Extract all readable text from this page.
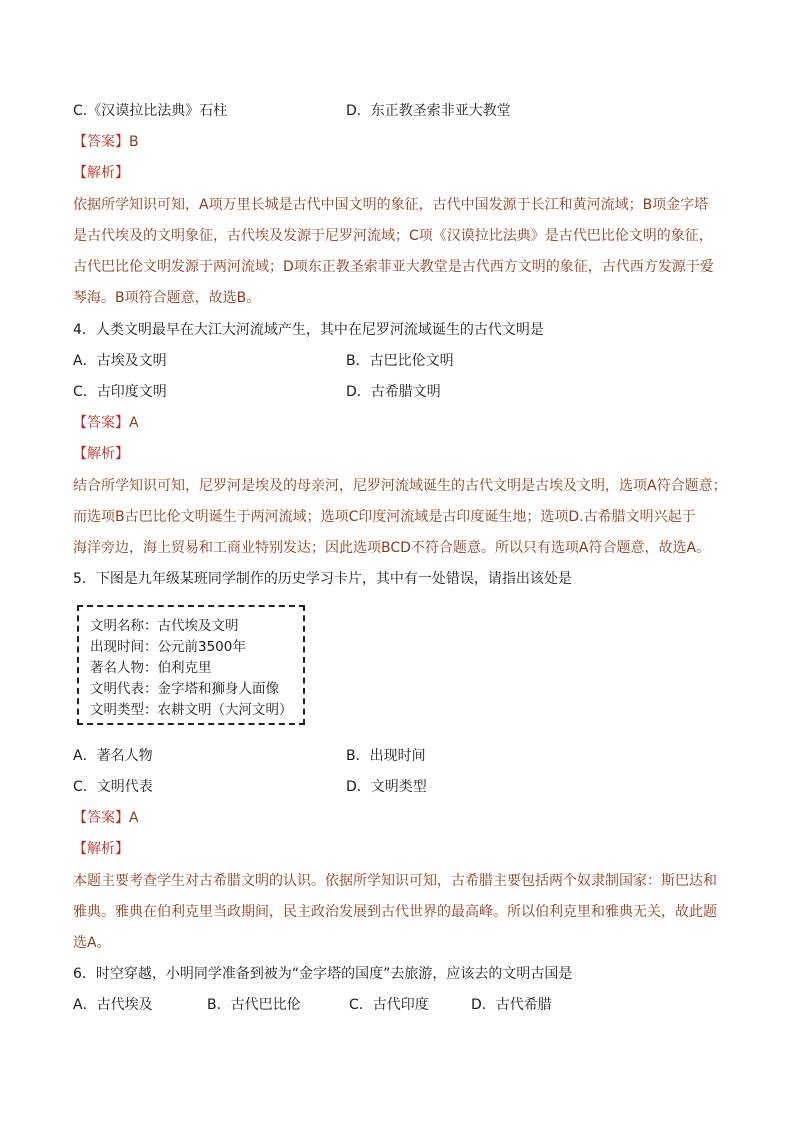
C.《汉谟拉比法典》石柱	D．东正教圣索非亚大教堂
【答案】B
【解析】
依据所学知识可知，A项万里长城是古代中国文明的象征，古代中国发源于长江和黄河流域；B项金字塔
是古代埃及的文明象征，古代埃及发源于尼罗河流域；C项《汉谟拉比法典》是古代巴比伦文明的象征，
古代巴比伦文明发源于两河流域；D项东正教圣索菲亚大教堂是古代西方文明的象征，古代西方发源于爱
琴海。B项符合题意，故选B。
4．人类文明最早在大江大河流域产生，其中在尼罗河流域诞生的古代文明是
A．古埃及文明	B．古巴比伦文明
C．古印度文明	D．古希腊文明
【答案】A
【解析】
结合所学知识可知，尼罗河是埃及的母亲河，尼罗河流域诞生的古代文明是古埃及文明，选项A符合题意；
而选项B古巴比伦文明诞生于两河流域；选项C印度河流域是古印度诞生地；选项D.古希腊文明兴起于
海洋旁边，海上贸易和工商业特别发达；因此选项BCD不符合题意。所以只有选项A符合题意，故选A。
5．下图是九年级某班同学制作的历史学习卡片，其中有一处错误，请指出该处是
文明名称：古代埃及文明
出现时间：公元前3500年
著名人物：伯利克里
文明代表：金字塔和狮身人面像
文明类型：农耕文明（大河文明）
A．著名人物	B．出现时间
C．文明代表	D．文明类型
【答案】A
【解析】
本题主要考查学生对古希腊文明的认识。依据所学知识可知，古希腊主要包括两个奴隶制国家：斯巴达和
雅典。雅典在伯利克里当政期间，民主政治发展到古代世界的最高峰。所以伯利克里和雅典无关，故此题
选A。
6．时空穿越，小明同学准备到被为“金字塔的国度”去旅游，应该去的文明古国是
A．古代埃及	B．古代巴比伦	C．古代印度	D．古代希腊
